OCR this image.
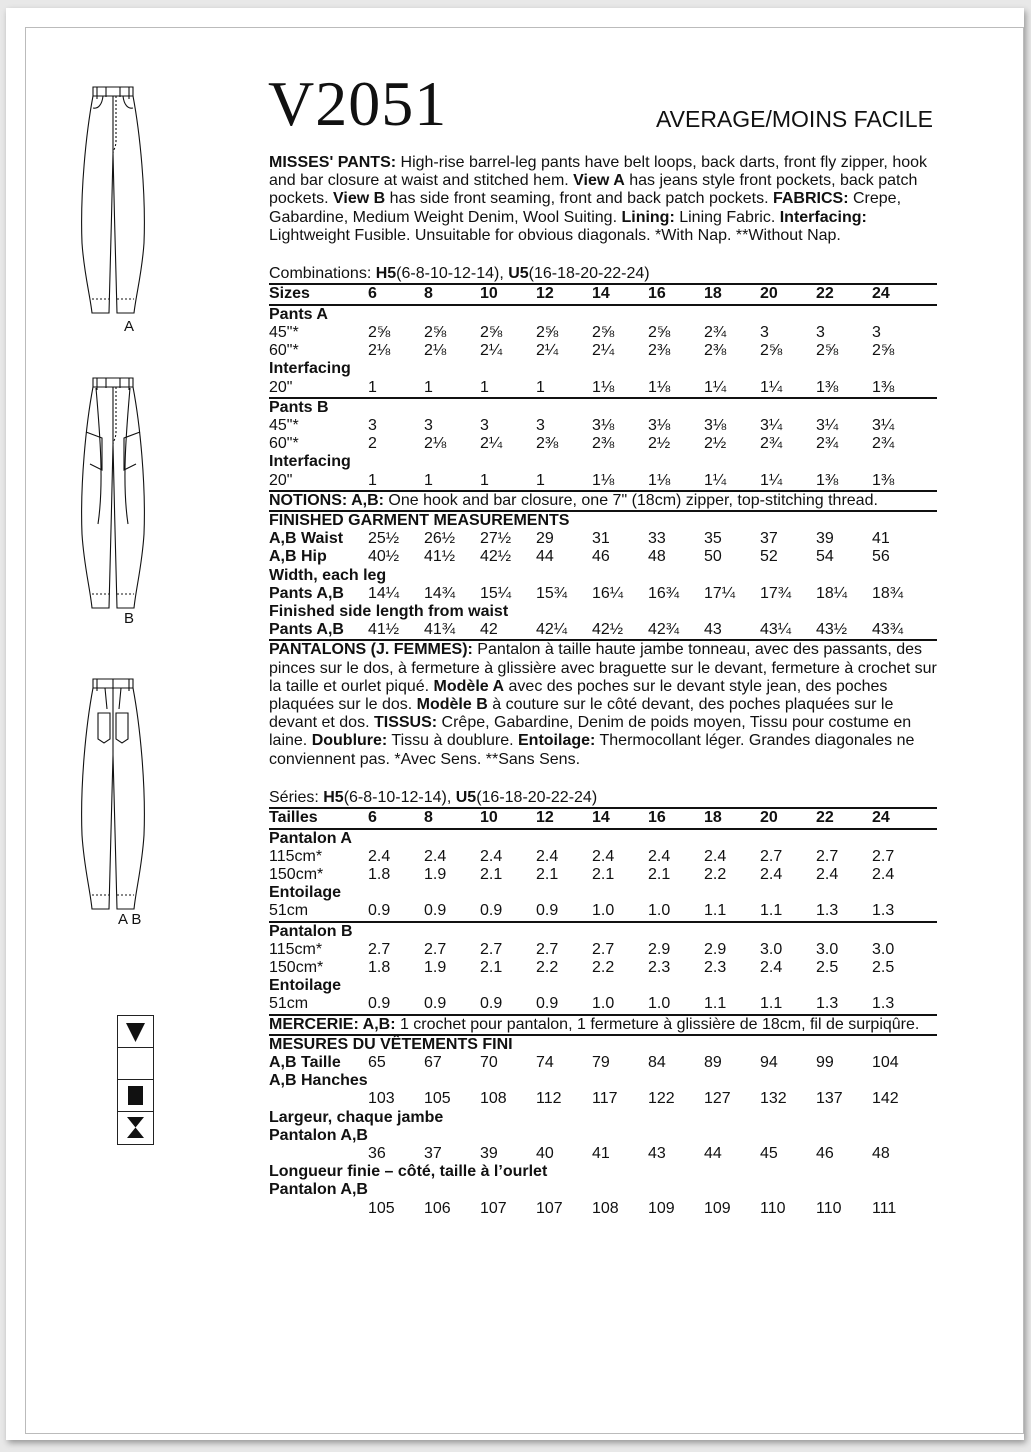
A
B
A B
V2051	AVERAGE/MOINS FACILE

MISSES' PANTS: High-rise barrel-leg pants have belt loops, back darts, front fly zipper, hook and bar closure at waist and stitched hem. View A has jeans style front pockets, back patch pockets. View B has side front seaming, front and back patch pockets. FABRICS: Crepe, Gabardine, Medium Weight Denim, Wool Suiting. Lining: Lining Fabric. Interfacing: Lightweight Fusible. Unsuitable for obvious diagonals. *With Nap. **Without Nap.

Combinations: H5(6-8-10-12-14), U5(16-18-20-22-24)
Sizes	6	8	10	12	14	16	18	20	22	24
Pants A										
45"*	2⅝	2⅝	2⅝	2⅝	2⅝	2⅝	2¾	3	3	3
60"*	2⅛	2⅛	2¼	2¼	2¼	2⅜	2⅜	2⅝	2⅝	2⅝
Interfacing										
20"	1	1	1	1	1⅛	1⅛	1¼	1¼	1⅜	1⅜
Pants B										
45"*	3	3	3	3	3⅛	3⅛	3⅛	3¼	3¼	3¼
60"*	2	2⅛	2¼	2⅜	2⅜	2½	2½	2¾	2¾	2¾
Interfacing										
20"	1	1	1	1	1⅛	1⅛	1¼	1¼	1⅜	1⅜

NOTIONS: A,B: One hook and bar closure, one 7" (18cm) zipper, top-stitching thread.

FINISHED GARMENT MEASUREMENTS										
A,B Waist	25½	26½	27½	29	31	33	35	37	39	41
A,B Hip	40½	41½	42½	44	46	48	50	52	54	56
Width, each leg										
Pants A,B	14¼	14¾	15¼	15¾	16¼	16¾	17¼	17¾	18¼	18¾
Finished side length from waist										
Pants A,B	41½	41¾	42	42¼	42½	42¾	43	43¼	43½	43¾

PANTALONS (J. FEMMES): Pantalon à taille haute jambe tonneau, avec des passants, des pinces sur le dos, à fermeture à glissière avec braguette sur le devant, fermeture à crochet sur la taille et ourlet piqué. Modèle A avec des poches sur le devant style jean, des poches plaquées sur le dos. Modèle B à couture sur le côté devant, des poches plaquées sur le devant et dos. TISSUS: Crêpe, Gabardine, Denim de poids moyen, Tissu pour costume en laine. Doublure: Tissu à doublure. Entoilage: Thermocollant léger. Grandes diagonales ne conviennent pas. *Avec Sens. **Sans Sens.

Séries: H5(6-8-10-12-14), U5(16-18-20-22-24)
Tailles	6	8	10	12	14	16	18	20	22	24
Pantalon A										
115cm*	2.4	2.4	2.4	2.4	2.4	2.4	2.4	2.7	2.7	2.7
150cm*	1.8	1.9	2.1	2.1	2.1	2.1	2.2	2.4	2.4	2.4
Entoilage										
51cm	0.9	0.9	0.9	0.9	1.0	1.0	1.1	1.1	1.3	1.3
Pantalon B										
115cm*	2.7	2.7	2.7	2.7	2.7	2.9	2.9	3.0	3.0	3.0
150cm*	1.8	1.9	2.1	2.2	2.2	2.3	2.3	2.4	2.5	2.5
Entoilage										
51cm	0.9	0.9	0.9	0.9	1.0	1.0	1.1	1.1	1.3	1.3

MERCERIE: A,B: 1 crochet pour pantalon, 1 fermeture à glissière de 18cm, fil de surpiqûre.

MESURES DU VÊTEMENTS FINI										
A,B Taille	65	67	70	74	79	84	89	94	99	104
A,B Hanches										
	103	105	108	112	117	122	127	132	137	142
Largeur, chaque jambe										
Pantalon A,B										
	36	37	39	40	41	43	44	45	46	48
Longueur finie – côté, taille à l’ourlet										
Pantalon A,B										
	105	106	107	107	108	109	109	110	110	111
